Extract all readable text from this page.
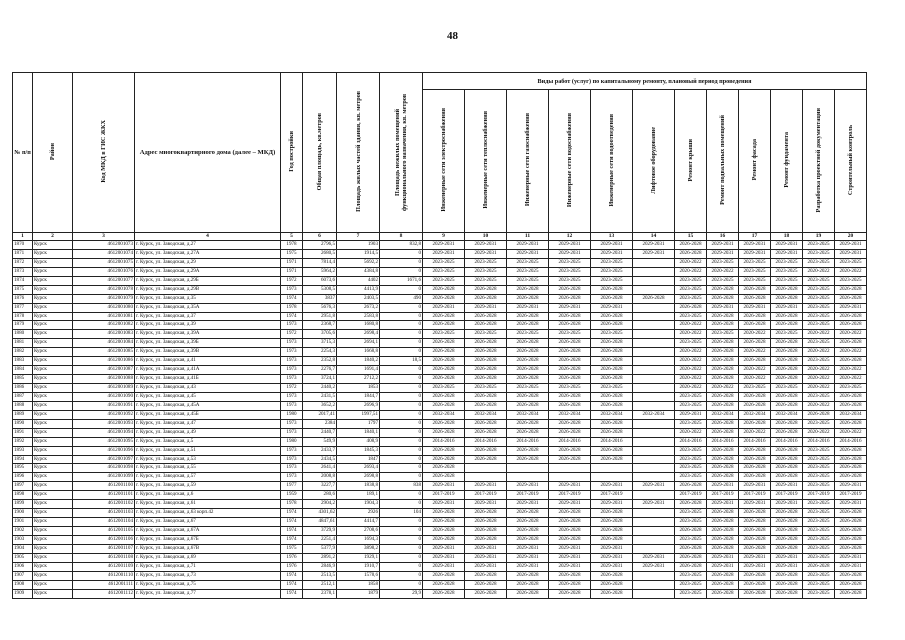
48
№ п/п	Район	Код МКД в ГИС ЖКХ	Адрес многоквартирного дома (далее – МКД)	Год постройки	Общая площадь, кв.метров	Площадь жилых частей здания, кв. метров	Площадь нежилых помещений функционального назначения, кв. метров	Виды работ (услуг) по капитальному ремонту, плановый период проведения											
								Инженерные сети электроснабжения	Инженерные сети теплоснабжения	Инженерные сети газоснабжения	Инженерные сети водоснабжения	Инженерные сети водоотведения	Лифтовое оборудование	Ремонт крыши	Ремонт подвальных помещений	Ремонт фасада	Ремонт фундамента	Разработка проектной документации	Строительный контроль
1	2	3	4	5	6	7	8	9	10	11	12	13	14	15	16	17	18	19	20
1870	Курск	4612001073	г. Курск, ул. Заводская, д.27	1978	2796,5	1903	832,8	2029-2031	2029-2031	2029-2031	2029-2031	2029-2031	2029-2031	2026-2028	2029-2031	2029-2031	2029-2031	2023-2025	2029-2031
1871	Курск	4612001074	г. Курск, ул. Заводская, д.27А	1975	2680,5	1914,5	0	2029-2031	2029-2031	2029-2031	2029-2031	2029-2031	2029-2031	2026-2028	2029-2031	2029-2031	2029-2031	2023-2025	2029-2031
1872	Курск	4612001075	г. Курск, ул. Заводская, д.29	1971	7814,4	5692,2	0	2023-2025	2023-2025	2023-2025	2023-2025	2023-2025		2020-2022	2023-2025	2023-2025	2023-2025	2023-2025	2023-2025
1873	Курск	4612001076	г. Курск, ул. Заводская, д.29А	1971	5964,2	4384,8	0	2023-2025	2023-2025	2023-2025	2023-2025	2023-2025		2020-2022	2020-2022	2023-2025	2023-2025	2020-2022	2020-2022
1874	Курск	4612001077	г. Курск, ул. Заводская, д.29Б	1972	6073,6	4402	1671,6	2023-2025	2023-2025	2023-2025	2023-2025	2023-2025		2023-2025	2023-2025	2023-2025	2023-2025	2023-2025	2023-2025
1875	Курск	4612001078	г. Курск, ул. Заводская, д.29В	1973	5308,5	4413,9	0	2026-2028	2026-2028	2026-2028	2026-2028	2026-2028		2023-2025	2026-2028	2026-2028	2026-2028	2023-2025	2026-2028
1876	Курск	4612001079	г. Курск, ул. Заводская, д.35	1974	3837	2403,5	490	2026-2028	2026-2028	2026-2028	2026-2028	2026-2028	2026-2028	2023-2025	2026-2028	2026-2028	2026-2028	2023-2025	2026-2028
1877	Курск	4612001080	г. Курск, ул. Заводская, д.35А	1978	5676,3	2673,2	0	2029-2031	2029-2031	2029-2031	2029-2031	2029-2031		2026-2028	2029-2031	2029-2031	2029-2031	2023-2025	2029-2031
1878	Курск	4612001081	г. Курск, ул. Заводская, д.37	1974	2951,8	2583,8	0	2026-2028	2026-2028	2026-2028	2026-2028	2026-2028		2023-2025	2026-2028	2026-2028	2026-2028	2023-2025	2026-2028
1879	Курск	4612001082	г. Курск, ул. Заводская, д.39	1973	2368,7	1680,8	0	2026-2028	2026-2028	2026-2028	2026-2028	2026-2028		2020-2022	2026-2028	2026-2028	2026-2028	2023-2025	2026-2028
1880	Курск	4612001083	г. Курск, ул. Заводская, д.39А	1972	3705,6	2698,4	0	2023-2025	2023-2025	2023-2025	2023-2025	2023-2025		2020-2022	2023-2025	2020-2022	2023-2025	2020-2022	2020-2022
1881	Курск	4612001084	г. Курск, ул. Заводская, д.39Б	1973	3715,3	2694,1	0	2026-2028	2026-2028	2026-2028	2026-2028	2026-2028		2023-2025	2026-2028	2026-2028	2026-2028	2023-2025	2026-2028
1882	Курск	4612001085	г. Курск, ул. Заводская, д.39В	1973	2254,3	1668,8	0	2026-2028	2026-2028	2026-2028	2026-2028	2026-2028		2020-2022	2026-2028	2020-2022	2026-2028	2020-2022	2020-2022
1883	Курск	4612001086	г. Курск, ул. Заводская, д.41	1973	2352,8	1840,2	18,5	2026-2028	2026-2028	2026-2028	2026-2028	2026-2028		2020-2022	2026-2028	2026-2028	2026-2028	2023-2025	2026-2028
1884	Курск	4612001087	г. Курск, ул. Заводская, д.41А	1973	2276,7	1691,4	0	2026-2028	2026-2028	2026-2028	2026-2028	2026-2028		2020-2022	2026-2028	2020-2022	2026-2028	2020-2022	2020-2022
1885	Курск	4612001088	г. Курск, ул. Заводская, д.41Б	1973	3724,1	2712,2	0	2026-2028	2026-2028	2026-2028	2026-2028	2026-2028		2020-2022	2026-2028	2020-2022	2026-2028	2020-2022	2020-2022
1886	Курск	4612001089	г. Курск, ул. Заводская, д.43	1972	2440,2	1853	0	2023-2025	2023-2025	2023-2025	2023-2025	2023-2025		2020-2022	2020-2022	2023-2025	2023-2025	2020-2022	2023-2025
1887	Курск	4612001090	г. Курск, ул. Заводская, д.45	1973	2431,5	1844,7	0	2026-2028	2026-2028	2026-2028	2026-2028	2026-2028		2023-2025	2026-2028	2026-2028	2026-2028	2023-2025	2026-2028
1888	Курск	4612001091	г. Курск, ул. Заводская, д.45А	1973	3652,2	2696,9	0	2026-2028	2026-2028	2026-2028	2026-2028	2026-2028		2023-2025	2026-2028	2026-2028	2026-2028	2020-2022	2026-2028
1889	Курск	4612001092	г. Курск, ул. Заводская, д.45Б	1980	2017,41	1997,51	0	2032-2034	2032-2034	2032-2034	2032-2034	2032-2034	2032-2034	2029-2031	2032-2034	2032-2034	2032-2034	2026-2028	2032-2034
1890	Курск	4612001093	г. Курск, ул. Заводская, д.47	1973	2384	1797	0	2026-2028	2026-2028	2026-2028	2026-2028	2026-2028		2023-2025	2026-2028	2026-2028	2026-2028	2023-2025	2026-2028
1891	Курск	4612001094	г. Курск, ул. Заводская, д.49	1973	2440,7	1840,1	0	2026-2028	2026-2028	2026-2028	2026-2028	2026-2028		2020-2022	2026-2028	2020-2022	2026-2028	2020-2022	2020-2022
1892	Курск	4612001095	г. Курск, ул. Заводская, д.5	1980	549,9	408,9	0	2014-2016	2014-2016	2014-2016	2014-2016	2014-2016		2014-2016	2014-2016	2014-2016	2014-2016	2014-2016	2014-2016
1893	Курск	4612001096	г. Курск, ул. Заводская, д.51	1973	2433,7	1845,3	0	2026-2028	2026-2028	2026-2028	2026-2028	2026-2028		2023-2025	2026-2028	2026-2028	2026-2028	2023-2025	2026-2028
1894	Курск	4612001097	г. Курск, ул. Заводская, д.53	1973	2434,5	1847	0	2026-2028	2026-2028	2026-2028	2026-2028	2026-2028		2023-2025	2026-2028	2026-2028	2026-2028	2023-2025	2026-2028
1895	Курск	4612001098	г. Курск, ул. Заводская, д.55	1973	2641,4	2693,4	0	2026-2028						2023-2025	2026-2028	2026-2028	2026-2028	2023-2025	2026-2028
1896	Курск	4612001099	г. Курск, ул. Заводская, д.57	1973	2008,8	2698,8	0	2026-2028						2023-2025	2026-2028	2026-2028	2026-2028	2023-2025	2026-2028
1897	Курск	4612001100	г. Курск, ул. Заводская, д.59	1977	3227,7	1838,8	838	2029-2031	2029-2031	2029-2031	2029-2031	2029-2031	2029-2031	2026-2028	2029-2031	2029-2031	2029-2031	2023-2025	2029-2031
1898	Курск	4612001101	г. Курск, ул. Заводская, д.6	1959	280,6	189,1	0	2017-2019	2017-2019	2017-2019	2017-2019	2017-2019		2017-2019	2017-2019	2017-2019	2017-2019	2017-2019	2017-2019
1899	Курск	4612001102	г. Курск, ул. Заводская, д.61	1978	2904,2	1904,3	0	2029-2031	2029-2031	2029-2031	2029-2031	2029-2031	2029-2031	2026-2028	2029-2031	2029-2031	2029-2031	2023-2025	2029-2031
1900	Курск	4612001103	г. Курск, ул. Заводская, д.63 корп.42	1974	4301,62	2926	104	2026-2028	2026-2028	2026-2028	2026-2028	2026-2028		2023-2025	2026-2028	2026-2028	2026-2028	2023-2025	2026-2028
1901	Курск	4612001104	г. Курск, ул. Заводская, д.67	1974	4847,61	4414,7	0	2026-2028	2026-2028	2026-2028	2026-2028	2026-2028		2023-2025	2026-2028	2026-2028	2026-2028	2023-2025	2026-2028
1902	Курск	4612001105	г. Курск, ул. Заводская, д.67А	1974	3729,9	2708,6	0	2026-2028	2026-2028	2026-2028	2026-2028	2026-2028		2026-2028	2026-2028	2026-2028	2026-2028	2023-2025	2026-2028
1903	Курск	4612001106	г. Курск, ул. Заводская, д.67Б	1974	2251,4	1694,3	0	2026-2028	2026-2028	2026-2028	2026-2028	2026-2028		2023-2025	2026-2028	2026-2028	2026-2028	2023-2025	2026-2028
1904	Курск	4612001107	г. Курск, ул. Заводская, д.67В	1975	5377,9	3898,2	0	2029-2031	2029-2031	2029-2031	2029-2031	2029-2031		2026-2028	2026-2028	2026-2028	2026-2028	2023-2025	2026-2028
1905	Курск	4612001108	г. Курск, ул. Заводская, д.69	1976	2891,2	1929,1	0	2029-2031	2029-2031	2029-2031	2029-2031	2029-2031	2029-2031	2026-2028	2029-2031	2029-2031	2029-2031	2023-2025	2029-2031
1906	Курск	4612001109	г. Курск, ул. Заводская, д.71	1976	2846,9	1910,7	0	2029-2031	2029-2031	2029-2031	2029-2031	2029-2031	2029-2031	2026-2028	2029-2031	2029-2031	2029-2031	2026-2028	2029-2031
1907	Курск	4612001110	г. Курск, ул. Заводская, д.73	1974	2513,5	1578,6	0	2026-2028	2026-2028	2026-2028	2026-2028	2026-2028		2023-2025	2026-2028	2026-2028	2026-2028	2023-2025	2026-2028
1908	Курск	4612001111	г. Курск, ул. Заводская, д.75	1974	2512,1	1858	0	2026-2028	2026-2028	2026-2028	2026-2028	2026-2028		2023-2025	2026-2028	2026-2028	2026-2028	2023-2025	2026-2028
1909	Курск	4612001112	г. Курск, ул. Заводская, д.77	1974	2378,1	1879	29,9	2026-2028	2026-2028	2026-2028	2026-2028	2026-2028		2023-2025	2026-2028	2026-2028	2026-2028	2023-2025	2026-2028
